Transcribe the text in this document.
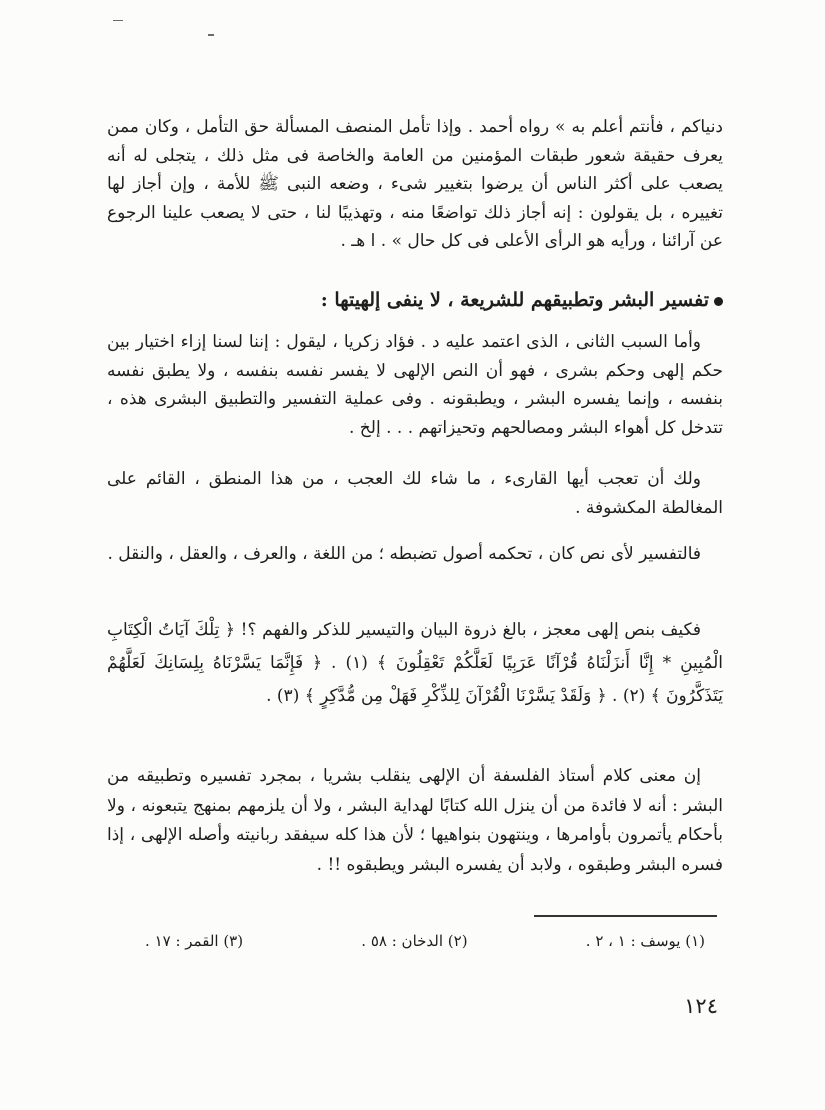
دنياكم ، فأنتم أعلم به » رواه أحمد . وإذا تأمل المنصف المسألة حق التأمل ، وكان ممن يعرف حقيقة شعور طبقات المؤمنين من العامة والخاصة فى مثل ذلك ، يتجلى له أنه يصعب على أكثر الناس أن يرضوا بتغيير شىء ، وضعه النبى ﷺ للأمة ، وإن أجاز لها تغييره ، بل يقولون : إنه أجاز ذلك تواضعًا منه ، وتهذيبًا لنا ، حتى لا يصعب علينا الرجوع عن آرائنا ، ورأيه هو الرأى الأعلى فى كل حال » . ا هـ .
تفسير البشر وتطبيقهم للشريعة ، لا ينفى إلهيتها :
وأما السبب الثانى ، الذى اعتمد عليه د . فؤاد زكريا ، ليقول : إننا لسنا إزاء اختيار بين حكم إلهى وحكم بشرى ، فهو أن النص الإلهى لا يفسر نفسه بنفسه ، ولا يطبق نفسه بنفسه ، وإنما يفسره البشر ، ويطبقونه . وفى عملية التفسير والتطبيق البشرى هذه ، تتدخل كل أهواء البشر ومصالحهم وتحيزاتهم . . . إلخ .
ولك أن تعجب أيها القارىء ، ما شاء لك العجب ، من هذا المنطق ، القائم على المغالطة المكشوفة .
فالتفسير لأى نص كان ، تحكمه أصول تضبطه ؛ من اللغة ، والعرف ، والعقل ، والنقل .
فكيف بنص إلهى معجز ، بالغ ذروة البيان والتيسير للذكر والفهم ؟! ﴿ تِلْكَ آيَاتُ الْكِتَابِ الْمُبِينِ * إِنَّا أَنزَلْنَاهُ قُرْآنًا عَرَبِيًا لَعَلَّكُمْ تَعْقِلُونَ ﴾ (١) . ﴿ فَإِنَّمَا يَسَّرْنَاهُ بِلِسَانِكَ لَعَلَّهُمْ يَتَذَكَّرُونَ ﴾ (٢) . ﴿ وَلَقَدْ يَسَّرْنَا الْقُرْآنَ لِلذِّكْرِ فَهَلْ مِن مُّدَّكِرٍ ﴾ (٣) .
إن معنى كلام أستاذ الفلسفة أن الإلهى ينقلب بشريا ، بمجرد تفسيره وتطبيقه من البشر : أنه لا فائدة من أن ينزل الله كتابًا لهداية البشر ، ولا أن يلزمهم بمنهج يتبعونه ، ولا بأحكام يأتمرون بأوامرها ، وينتهون بنواهيها ؛ لأن هذا كله سيفقد ربانيته وأصله الإلهى ، إذا فسره البشر وطبقوه ، ولابد أن يفسره البشر ويطبقوه !! .
(١) يوسف : ١ ، ٢ .
(٢) الدخان : ٥٨ .
(٣) القمر : ١٧ .
١٢٤
